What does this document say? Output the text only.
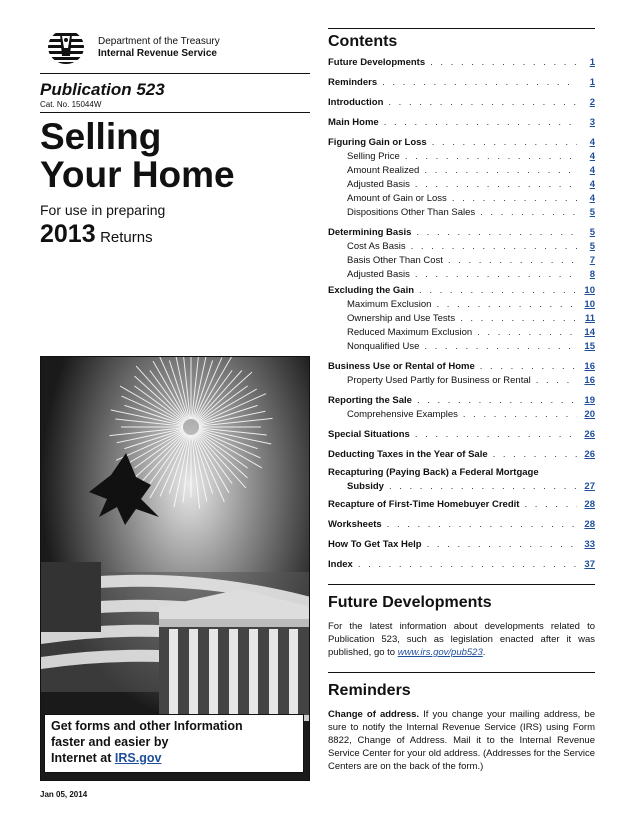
Department of the Treasury
Internal Revenue Service
Publication 523
Cat. No. 15044W
Selling
Your Home
For use in preparing
2013 Returns
Get forms and other Information
faster and easier by
Internet at IRS.gov
Jan 05, 2014
Contents
Future Developments . . .	1
Reminders . . .	1
Introduction . . .	2
Main Home . . .	3
Figuring Gain or Loss . . .	4
Selling Price . . .	4
Amount Realized . . .	4
Adjusted Basis . . .	4
Amount of Gain or Loss . . .	4
Dispositions Other Than Sales . . .	5
Determining Basis . . .	5
Cost As Basis . . .	5
Basis Other Than Cost . . .	7
Adjusted Basis . . .	8
Excluding the Gain . . .	10
Maximum Exclusion . . .	10
Ownership and Use Tests . . .	11
Reduced Maximum Exclusion . . .	14
Nonqualified Use . . .	15
Business Use or Rental of Home . . .	16
Property Used Partly for Business or Rental . . .	16
Reporting the Sale . . .	19
Comprehensive Examples . . .	20
Special Situations . . .	26
Deducting Taxes in the Year of Sale . . .	26
Recapturing (Paying Back) a Federal Mortgage
Subsidy . . .	27
Recapture of First-Time Homebuyer Credit . . .	28
Worksheets . . .	28
How To Get Tax Help . . .	33
Index . . .	37
Future Developments
For the latest information about developments related to Publication 523, such as legislation enacted after it was published, go to www.irs.gov/pub523.
Reminders
Change of address. If you change your mailing address, be sure to notify the Internal Revenue Service (IRS) using Form 8822, Change of Address. Mail it to the Internal Revenue Service Center for your old address. (Addresses for the Service Centers are on the back of the form.)
